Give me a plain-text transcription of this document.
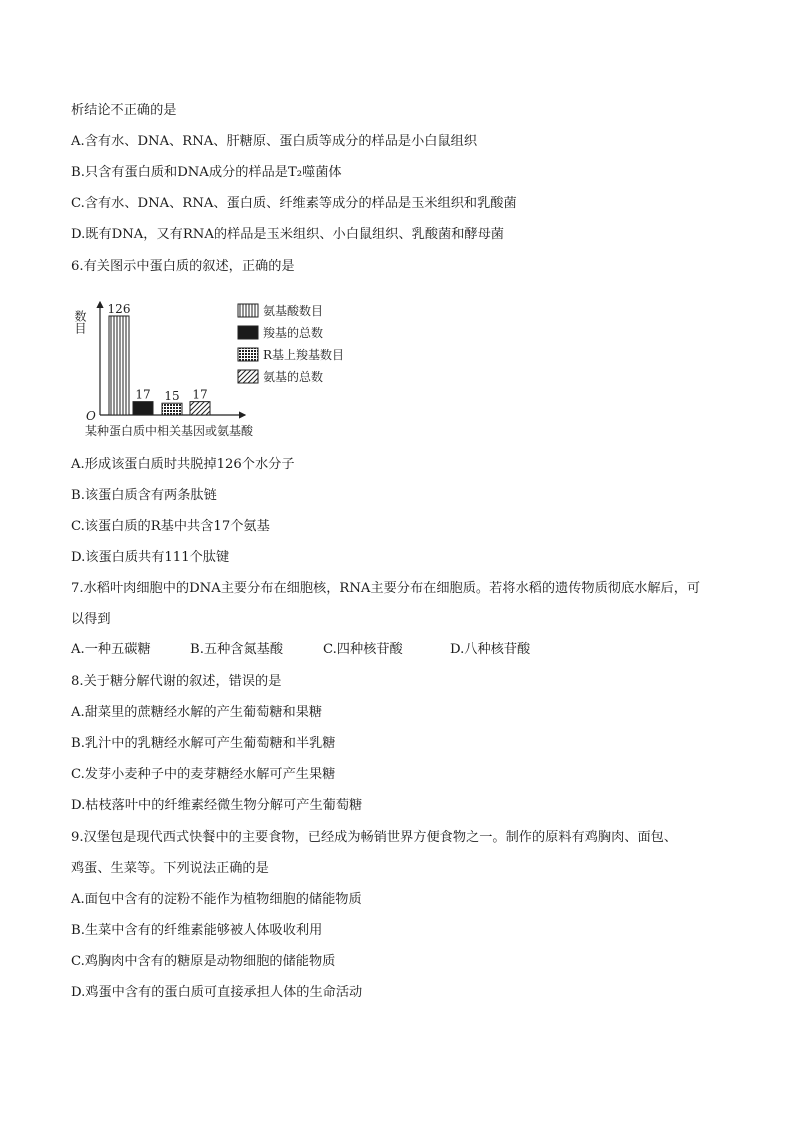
析结论不正确的是
A.含有水、DNA、RNA、肝糖原、蛋白质等成分的样品是小白鼠组织
B.只含有蛋白质和DNA成分的样品是T₂噬菌体
C.含有水、DNA、RNA、蛋白质、纤维素等成分的样品是玉米组织和乳酸菌
D.既有DNA，又有RNA的样品是玉米组织、小白鼠组织、乳酸菌和酵母菌
6.有关图示中蛋白质的叙述，正确的是
数目
O
某种蛋白质中相关基因或氨基酸
126
17 15 17
氨基酸数目
羧基的总数
R基上羧基数目
氨基的总数
A.形成该蛋白质时共脱掉126个水分子
B.该蛋白质含有两条肽链
C.该蛋白质的R基中共含17个氨基
D.该蛋白质共有111个肽键
7.水稻叶肉细胞中的DNA主要分布在细胞核，RNA主要分布在细胞质。若将水稻的遗传物质彻底水解后，可
以得到
A.一种五碳糖	B.五种含氮基酸	C.四种核苷酸	D.八种核苷酸
8.关于糖分解代谢的叙述，错误的是
A.甜菜里的蔗糖经水解的产生葡萄糖和果糖
B.乳汁中的乳糖经水解可产生葡萄糖和半乳糖
C.发芽小麦种子中的麦芽糖经水解可产生果糖
D.枯枝落叶中的纤维素经微生物分解可产生葡萄糖
9.汉堡包是现代西式快餐中的主要食物，已经成为畅销世界方便食物之一。制作的原料有鸡胸肉、面包、
鸡蛋、生菜等。下列说法正确的是
A.面包中含有的淀粉不能作为植物细胞的储能物质
B.生菜中含有的纤维素能够被人体吸收利用
C.鸡胸肉中含有的糖原是动物细胞的储能物质
D.鸡蛋中含有的蛋白质可直接承担人体的生命活动
